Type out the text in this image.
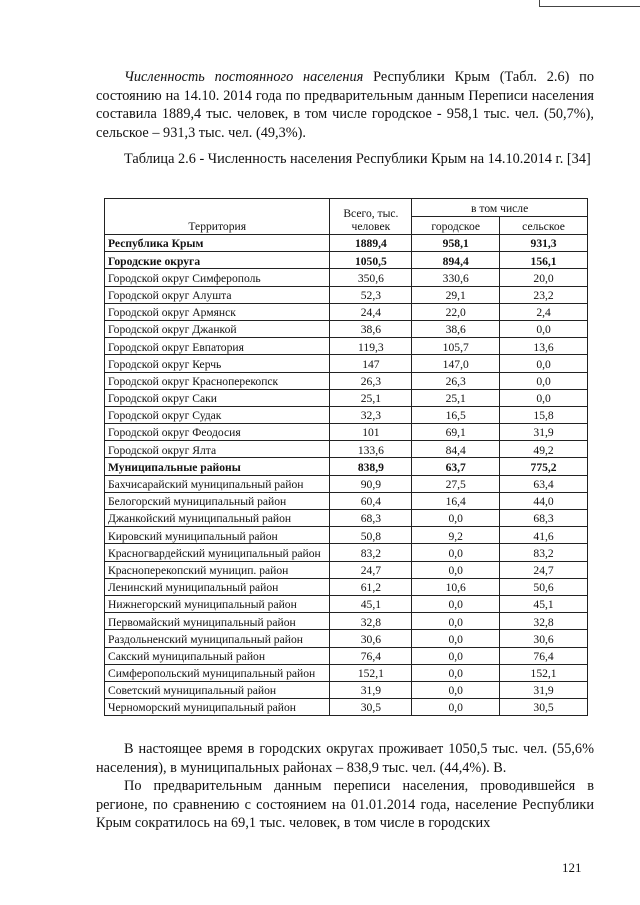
Численность постоянного населения Республики Крым (Табл. 2.6) по состоянию на 14.10. 2014 года по предварительным данным Переписи населения составила 1889,4 тыс. человек, в том числе городское - 958,1 тыс. чел. (50,7%), сельское – 931,3 тыс. чел. (49,3%).

Таблица 2.6 - Численность населения Республики Крым на 14.10.2014 г. [34]

Территория	Всего, тыс. человек	в том числе	
		городское	сельское
Республика Крым	1889,4	958,1	931,3
Городские округа	1050,5	894,4	156,1
Городской округ Симферополь	350,6	330,6	20,0
Городской округ Алушта	52,3	29,1	23,2
Городской округ Армянск	24,4	22,0	2,4
Городской округ Джанкой	38,6	38,6	0,0
Городской округ Евпатория	119,3	105,7	13,6
Городской округ Керчь	147	147,0	0,0
Городской округ Красноперекопск	26,3	26,3	0,0
Городской округ Саки	25,1	25,1	0,0
Городской округ Судак	32,3	16,5	15,8
Городской округ Феодосия	101	69,1	31,9
Городской округ Ялта	133,6	84,4	49,2
Муниципальные районы	838,9	63,7	775,2
Бахчисарайский муниципальный район	90,9	27,5	63,4
Белогорский муниципальный район	60,4	16,4	44,0
Джанкойский муниципальный район	68,3	0,0	68,3
Кировский муниципальный район	50,8	9,2	41,6
Красногвардейский муниципальный район	83,2	0,0	83,2
Красноперекопский муницип. район	24,7	0,0	24,7
Ленинский муниципальный район	61,2	10,6	50,6
Нижнегорский муниципальный район	45,1	0,0	45,1
Первомайский муниципальный район	32,8	0,0	32,8
Раздольненский муниципальный район	30,6	0,0	30,6
Сакский муниципальный район	76,4	0,0	76,4
Симферопольский муниципальный район	152,1	0,0	152,1
Советский муниципальный район	31,9	0,0	31,9
Черноморский муниципальный район	30,5	0,0	30,5

В настоящее время в городских округах проживает 1050,5 тыс. чел. (55,6% населения), в муниципальных районах – 838,9 тыс. чел. (44,4%). В.

По предварительным данным переписи населения, проводившейся в регионе, по сравнению с состоянием на 01.01.2014 года, население Республики Крым сократилось на 69,1 тыс. человек, в том числе в городских

121
